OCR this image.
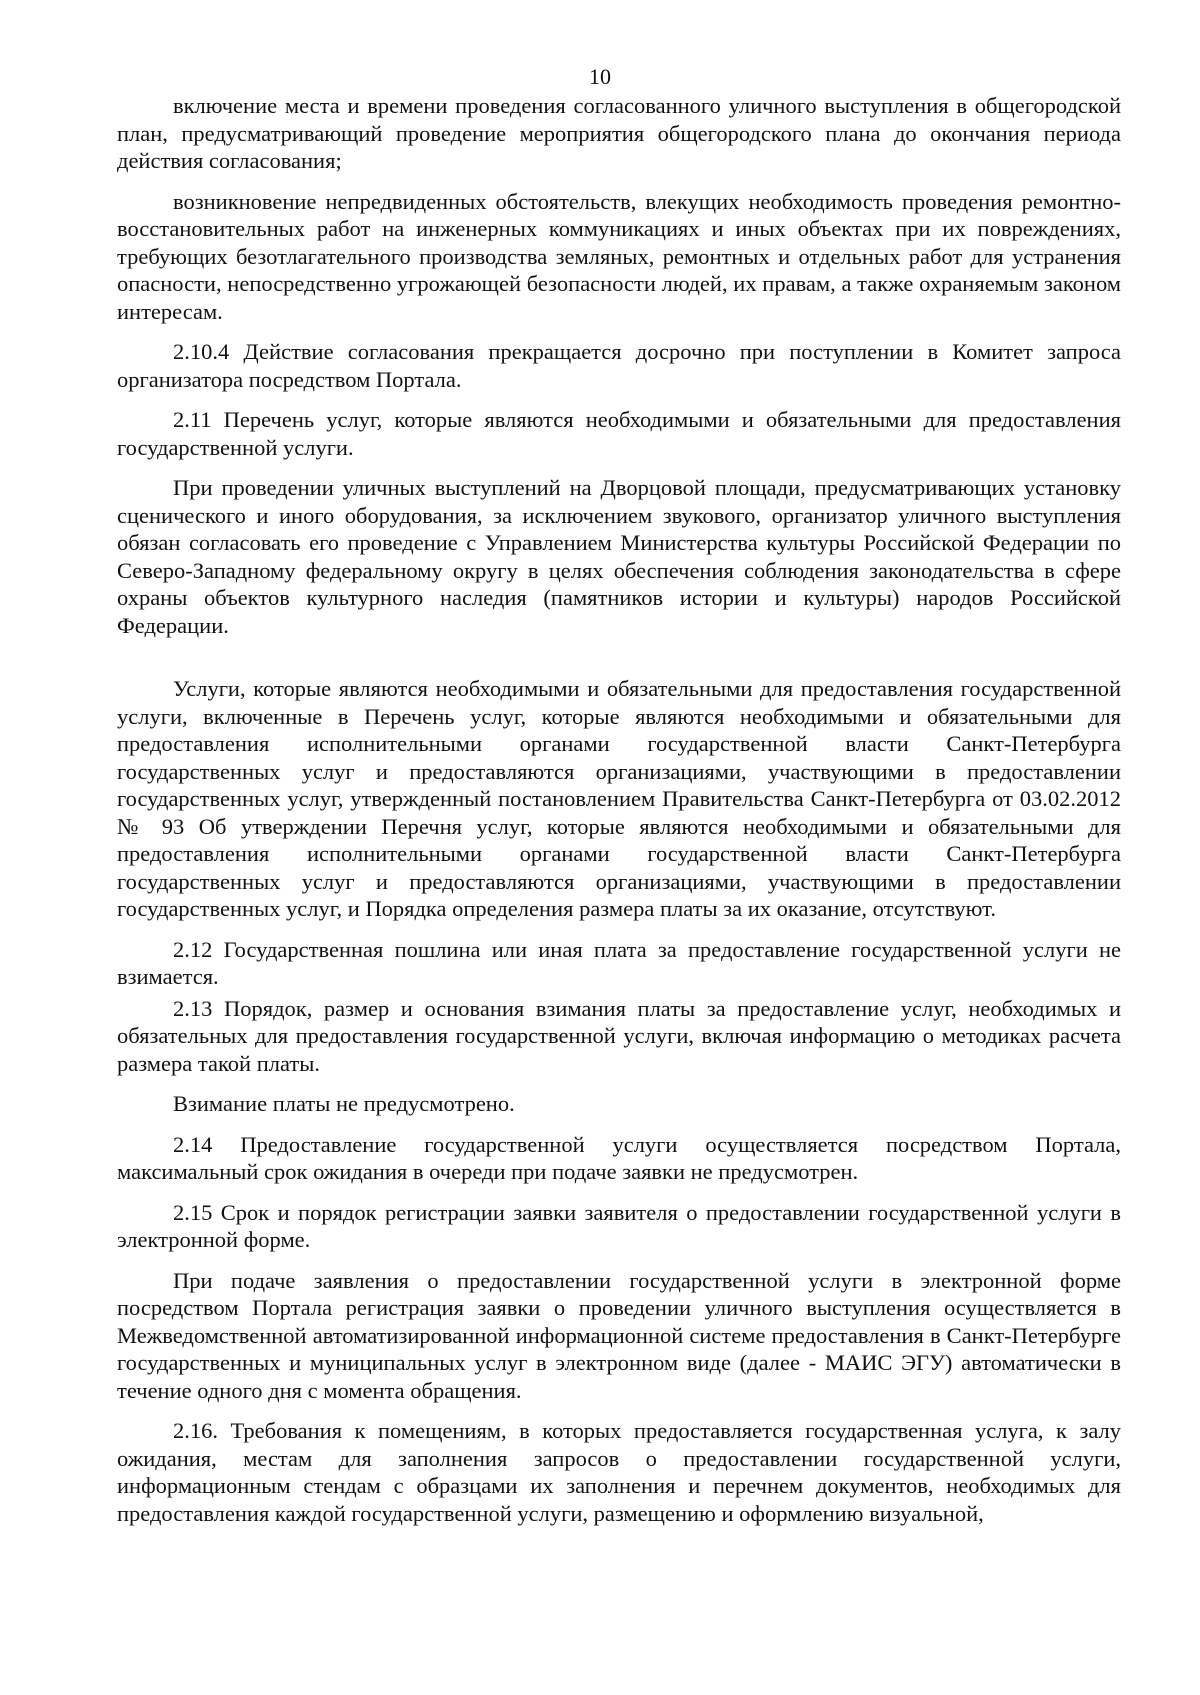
10

включение места и времени проведения согласованного уличного выступления в общегородской план, предусматривающий проведение мероприятия общегородского плана до окончания периода действия согласования;

возникновение непредвиденных обстоятельств, влекущих необходимость проведения ремонтно-восстановительных работ на инженерных коммуникациях и иных объектах при их повреждениях, требующих безотлагательного производства земляных, ремонтных и отдельных работ для устранения опасности, непосредственно угрожающей безопасности людей, их правам, а также охраняемым законом интересам.

2.10.4 Действие согласования прекращается досрочно при поступлении в Комитет запроса организатора посредством Портала.

2.11 Перечень услуг, которые являются необходимыми и обязательными для предоставления государственной услуги.

При проведении уличных выступлений на Дворцовой площади, предусматривающих установку сценического и иного оборудования, за исключением звукового, организатор уличного выступления обязан согласовать его проведение с Управлением Министерства культуры Российской Федерации по Северо-Западному федеральному округу в целях обеспечения соблюдения законодательства в сфере охраны объектов культурного наследия (памятников истории и культуры) народов Российской Федерации.

Услуги, которые являются необходимыми и обязательными для предоставления государственной услуги, включенные в Перечень услуг, которые являются необходимыми и обязательными для предоставления исполнительными органами государственной власти Санкт-Петербурга государственных услуг и предоставляются организациями, участвующими в предоставлении государственных услуг, утвержденный постановлением Правительства Санкт-Петербурга от 03.02.2012 № 93 Об утверждении Перечня услуг, которые являются необходимыми и обязательными для предоставления исполнительными органами государственной власти Санкт-Петербурга государственных услуг и предоставляются организациями, участвующими в предоставлении государственных услуг, и Порядка определения размера платы за их оказание, отсутствуют.

2.12 Государственная пошлина или иная плата за предоставление государственной услуги не взимается.

2.13 Порядок, размер и основания взимания платы за предоставление услуг, необходимых и обязательных для предоставления государственной услуги, включая информацию о методиках расчета размера такой платы.

Взимание платы не предусмотрено.

2.14 Предоставление государственной услуги осуществляется посредством Портала, максимальный срок ожидания в очереди при подаче заявки не предусмотрен.

2.15 Срок и порядок регистрации заявки заявителя о предоставлении государственной услуги в электронной форме.

При подаче заявления о предоставлении государственной услуги в электронной форме посредством Портала регистрация заявки о проведении уличного выступления осуществляется в Межведомственной автоматизированной информационной системе предоставления в Санкт-Петербурге государственных и муниципальных услуг в электронном виде (далее - МАИС ЭГУ) автоматически в течение одного дня с момента обращения.

2.16. Требования к помещениям, в которых предоставляется государственная услуга, к залу ожидания, местам для заполнения запросов о предоставлении государственной услуги, информационным стендам с образцами их заполнения и перечнем документов, необходимых для предоставления каждой государственной услуги, размещению и оформлению визуальной,
